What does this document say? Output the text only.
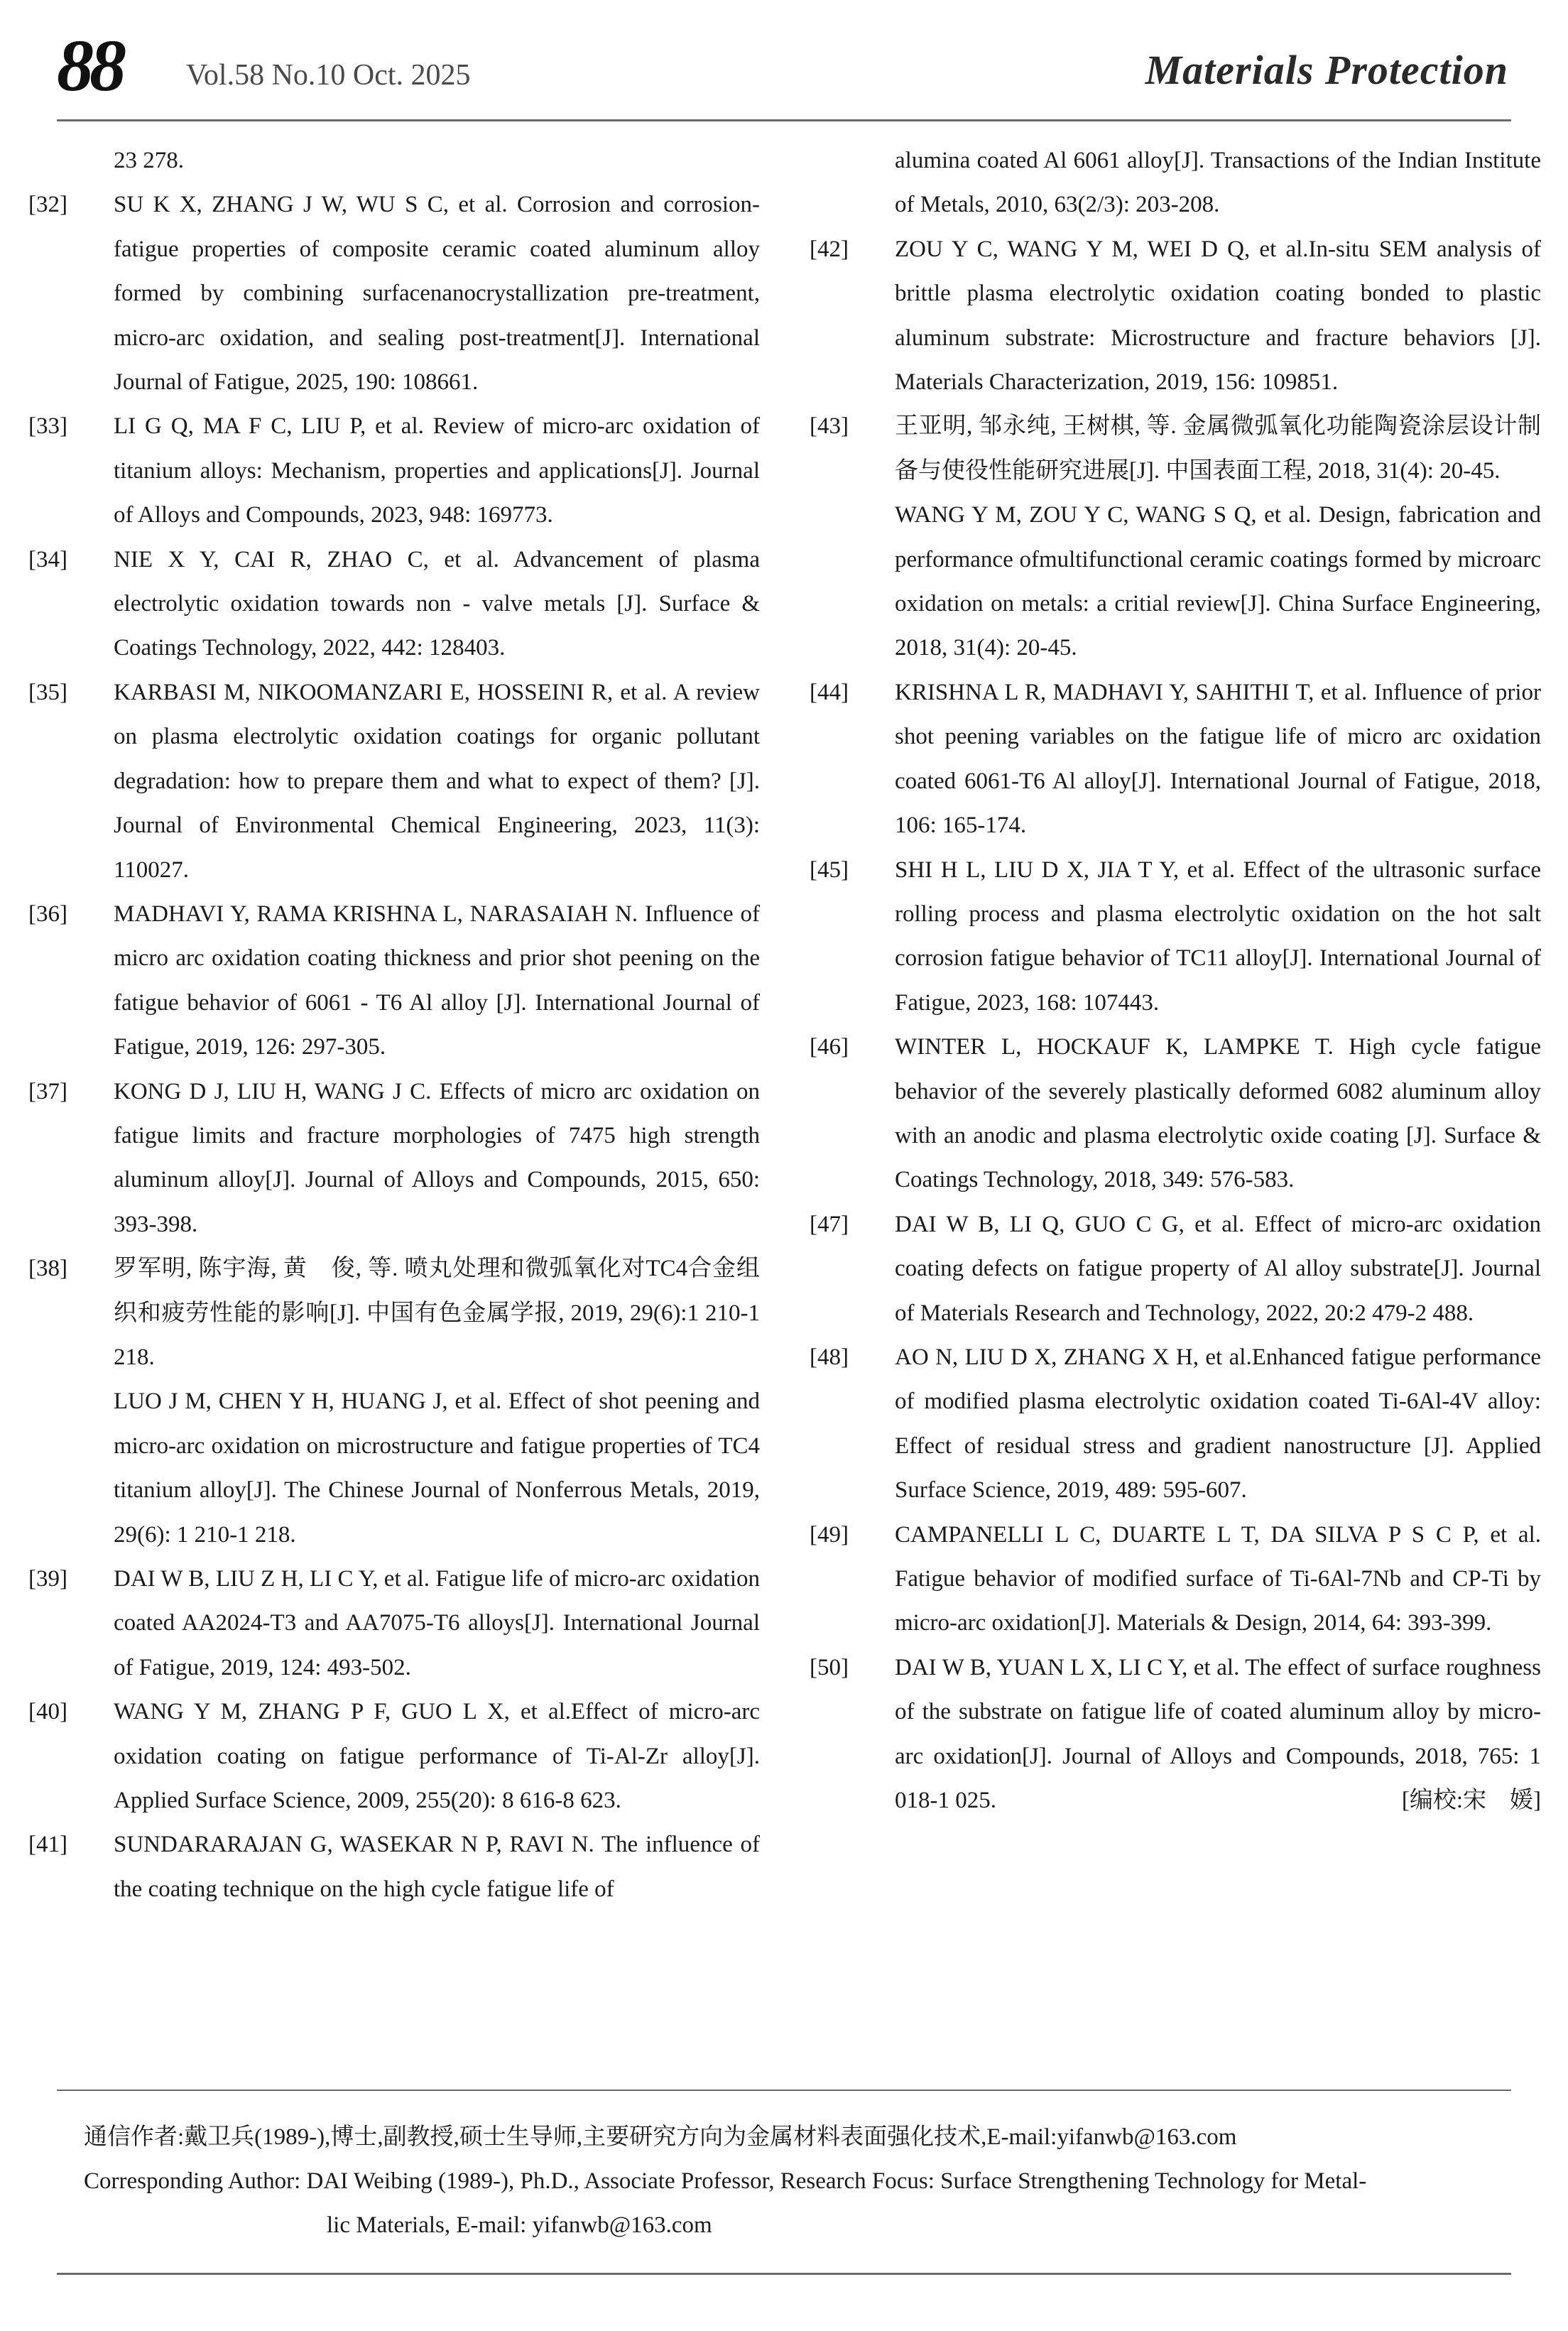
88 Vol.58 No.10 Oct. 2025	Materials Protection
23 278.
[32] SU K X, ZHANG J W, WU S C, et al. Corrosion and corrosion-fatigue properties of composite ceramic coated aluminum alloy formed by combining surfacenanocrystallization pre-treatment, micro-arc oxidation, and sealing post-treatment[J]. International Journal of Fatigue, 2025, 190: 108661.
[33] LI G Q, MA F C, LIU P, et al. Review of micro-arc oxidation of titanium alloys: Mechanism, properties and applications[J]. Journal of Alloys and Compounds, 2023, 948: 169773.
[34] NIE X Y, CAI R, ZHAO C, et al. Advancement of plasma electrolytic oxidation towards non - valve metals [J]. Surface & Coatings Technology, 2022, 442: 128403.
[35] KARBASI M, NIKOOMANZARI E, HOSSEINI R, et al. A review on plasma electrolytic oxidation coatings for organic pollutant degradation: how to prepare them and what to expect of them? [J]. Journal of Environmental Chemical Engineering, 2023, 11(3): 110027.
[36] MADHAVI Y, RAMA KRISHNA L, NARASAIAH N. Influence of micro arc oxidation coating thickness and prior shot peening on the fatigue behavior of 6061 - T6 Al alloy [J]. International Journal of Fatigue, 2019, 126: 297-305.
[37] KONG D J, LIU H, WANG J C. Effects of micro arc oxidation on fatigue limits and fracture morphologies of 7475 high strength aluminum alloy[J]. Journal of Alloys and Compounds, 2015, 650: 393-398.
[38] 罗军明, 陈宇海, 黄　俊, 等. 喷丸处理和微弧氧化对TC4合金组织和疲劳性能的影响[J]. 中国有色金属学报, 2019, 29(6):1 210-1 218.
LUO J M, CHEN Y H, HUANG J, et al. Effect of shot peening and micro-arc oxidation on microstructure and fatigue properties of TC4 titanium alloy[J]. The Chinese Journal of Nonferrous Metals, 2019, 29(6): 1 210-1 218.
[39] DAI W B, LIU Z H, LI C Y, et al. Fatigue life of micro-arc oxidation coated AA2024-T3 and AA7075-T6 alloys[J]. International Journal of Fatigue, 2019, 124: 493-502.
[40] WANG Y M, ZHANG P F, GUO L X, et al.Effect of micro-arc oxidation coating on fatigue performance of Ti-Al-Zr alloy[J]. Applied Surface Science, 2009, 255(20): 8 616-8 623.
[41] SUNDARARAJAN G, WASEKAR N P, RAVI N. The influence of the coating technique on the high cycle fatigue life of
alumina coated Al 6061 alloy[J]. Transactions of the Indian Institute of Metals, 2010, 63(2/3): 203-208.
[42] ZOU Y C, WANG Y M, WEI D Q, et al.In-situ SEM analysis of brittle plasma electrolytic oxidation coating bonded to plastic aluminum substrate: Microstructure and fracture behaviors [J]. Materials Characterization, 2019, 156: 109851.
[43] 王亚明, 邹永纯, 王树棋, 等. 金属微弧氧化功能陶瓷涂层设计制备与使役性能研究进展[J]. 中国表面工程, 2018, 31(4): 20-45.
WANG Y M, ZOU Y C, WANG S Q, et al. Design, fabrication and performance ofmultifunctional ceramic coatings formed by microarc oxidation on metals: a critial review[J]. China Surface Engineering, 2018, 31(4): 20-45.
[44] KRISHNA L R, MADHAVI Y, SAHITHI T, et al. Influence of prior shot peening variables on the fatigue life of micro arc oxidation coated 6061-T6 Al alloy[J]. International Journal of Fatigue, 2018, 106: 165-174.
[45] SHI H L, LIU D X, JIA T Y, et al. Effect of the ultrasonic surface rolling process and plasma electrolytic oxidation on the hot salt corrosion fatigue behavior of TC11 alloy[J]. International Journal of Fatigue, 2023, 168: 107443.
[46] WINTER L, HOCKAUF K, LAMPKE T. High cycle fatigue behavior of the severely plastically deformed 6082 aluminum alloy with an anodic and plasma electrolytic oxide coating [J]. Surface & Coatings Technology, 2018, 349: 576-583.
[47] DAI W B, LI Q, GUO C G, et al. Effect of micro-arc oxidation coating defects on fatigue property of Al alloy substrate[J]. Journal of Materials Research and Technology, 2022, 20:2 479-2 488.
[48] AO N, LIU D X, ZHANG X H, et al.Enhanced fatigue performance of modified plasma electrolytic oxidation coated Ti-6Al-4V alloy: Effect of residual stress and gradient nanostructure [J]. Applied Surface Science, 2019, 489: 595-607.
[49] CAMPANELLI L C, DUARTE L T, DA SILVA P S C P, et al. Fatigue behavior of modified surface of Ti-6Al-7Nb and CP-Ti by micro-arc oxidation[J]. Materials & Design, 2014, 64: 393-399.
[50] DAI W B, YUAN L X, LI C Y, et al. The effect of surface roughness of the substrate on fatigue life of coated aluminum alloy by micro-arc oxidation[J]. Journal of Alloys and Compounds, 2018, 765: 1 018-1 025.	[编校:宋　媛]
通信作者:戴卫兵(1989-),博士,副教授,硕士生导师,主要研究方向为金属材料表面强化技术,E-mail:yifanwb@163.com
Corresponding Author: DAI Weibing (1989-), Ph.D., Associate Professor, Research Focus: Surface Strengthening Technology for Metal-
lic Materials, E-mail: yifanwb@163.com
